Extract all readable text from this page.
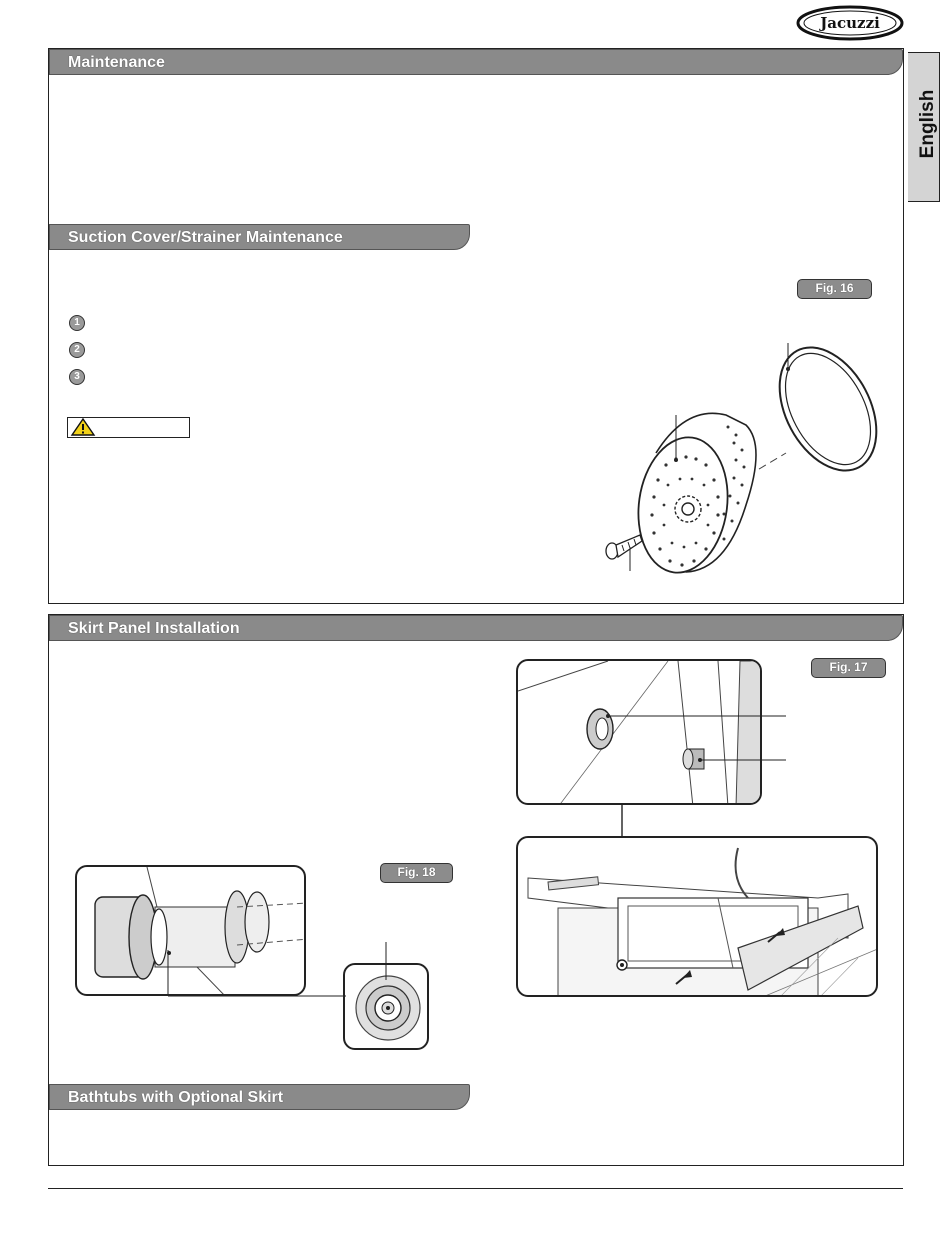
Jacuzzi
English
Maintenance
Suction Cover/Strainer Maintenance
Fig. 16
1
2
3
Skirt Panel Installation
Bathtubs with Optional Skirt
Fig. 17
Fig. 18
